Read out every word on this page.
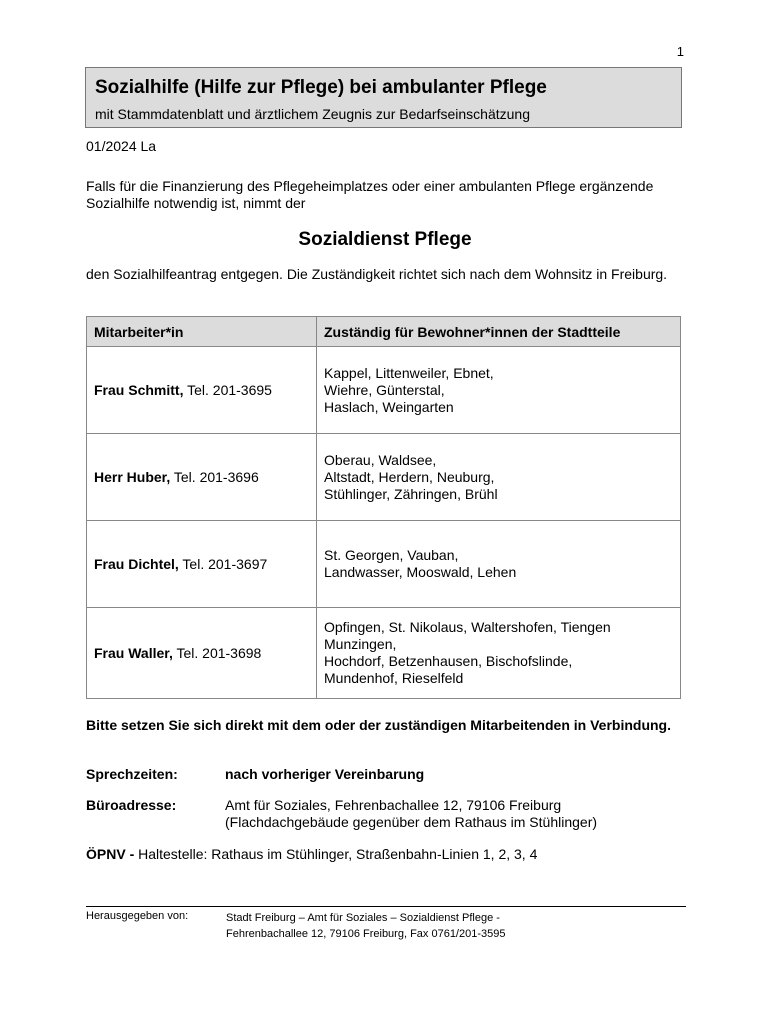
1
Sozialhilfe (Hilfe zur Pflege) bei ambulanter Pflege
mit Stammdatenblatt und ärztlichem Zeugnis zur Bedarfseinschätzung
01/2024 La
Falls für die Finanzierung des Pflegeheimplatzes oder einer ambulanten Pflege ergänzende Sozialhilfe notwendig ist, nimmt der
Sozialdienst Pflege
den Sozialhilfeantrag entgegen. Die Zuständigkeit richtet sich nach dem Wohnsitz in Freiburg.
Mitarbeiter*in	Zuständig für Bewohner*innen der Stadtteile
Frau Schmitt, Tel. 201-3695	Kappel, Littenweiler, Ebnet,
Wiehre, Günterstal,
Haslach, Weingarten
Herr Huber, Tel. 201-3696	Oberau, Waldsee,
Altstadt, Herdern, Neuburg,
Stühlinger, Zähringen, Brühl
Frau Dichtel, Tel. 201-3697	St. Georgen, Vauban,
Landwasser, Mooswald, Lehen
Frau Waller, Tel. 201-3698	Opfingen, St. Nikolaus, Waltershofen, Tiengen
Munzingen,
Hochdorf, Betzenhausen, Bischofslinde,
Mundenhof, Rieselfeld
Bitte setzen Sie sich direkt mit dem oder der zuständigen Mitarbeitenden in Verbindung.
Sprechzeiten:	nach vorheriger Vereinbarung
Büroadresse:	Amt für Soziales, Fehrenbachallee 12, 79106 Freiburg
(Flachdachgebäude gegenüber dem Rathaus im Stühlinger)
ÖPNV - Haltestelle: Rathaus im Stühlinger, Straßenbahn-Linien 1, 2, 3, 4
Herausgegeben von:	Stadt Freiburg – Amt für Soziales – Sozialdienst Pflege -
Fehrenbachallee 12, 79106 Freiburg, Fax 0761/201-3595
